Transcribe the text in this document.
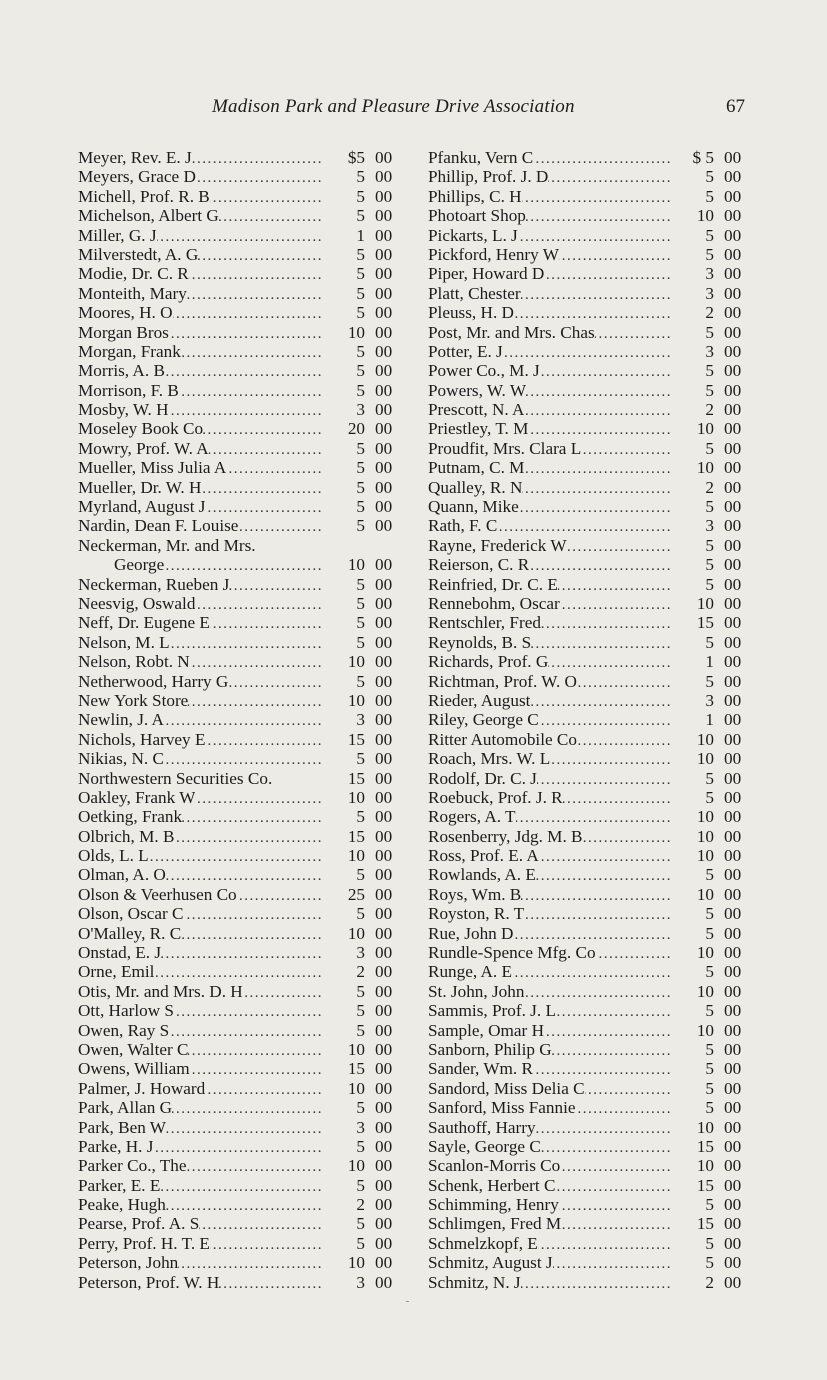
Madison Park and Pleasure Drive Association	67
Meyer, Rev. E. J .....	$5 00
Meyers, Grace D .....	5 00
Michell, Prof. R. B .....	5 00
Michelson, Albert G .....	5 00
Miller, G. J .....	1 00
Milverstedt, A. G .....	5 00
Modie, Dr. C. R .....	5 00
Monteith, Mary .....	5 00
Moores, H. O .....	5 00
Morgan Bros .....	10 00
Morgan, Frank .....	5 00
Morris, A. B .....	5 00
Morrison, F. B .....	5 00
Mosby, W. H .....	3 00
Moseley Book Co .....	20 00
Mowry, Prof. W. A .....	5 00
Mueller, Miss Julia A .....	5 00
Mueller, Dr. W. H .....	5 00
Myrland, August J .....	5 00
Nardin, Dean F. Louise .....	5 00
Neckerman, Mr. and Mrs.
George .....	10 00
Neckerman, Rueben J .....	5 00
Neesvig, Oswald .....	5 00
Neff, Dr. Eugene E .....	5 00
Nelson, M. L .....	5 00
Nelson, Robt. N .....	10 00
Netherwood, Harry G .....	5 00
New York Store .....	10 00
Newlin, J. A .....	3 00
Nichols, Harvey E .....	15 00
Nikias, N. C .....	5 00
Northwestern Securities Co.	15 00
Oakley, Frank W .....	10 00
Oetking, Frank .....	5 00
Olbrich, M. B .....	15 00
Olds, L. L .....	10 00
Olman, A. O .....	5 00
Olson & Veerhusen Co .....	25 00
Olson, Oscar C .....	5 00
O'Malley, R. C .....	10 00
Onstad, E. J .....	3 00
Orne, Emil .....	2 00
Otis, Mr. and Mrs. D. H .....	5 00
Ott, Harlow S .....	5 00
Owen, Ray S .....	5 00
Owen, Walter C .....	10 00
Owens, William .....	15 00
Palmer, J. Howard .....	10 00
Park, Allan G .....	5 00
Park, Ben W .....	3 00
Parke, H. J .....	5 00
Parker Co., The .....	10 00
Parker, E. E .....	5 00
Peake, Hugh .....	2 00
Pearse, Prof. A. S .....	5 00
Perry, Prof. H. T. E .....	5 00
Peterson, John .....	10 00
Peterson, Prof. W. H .....	3 00
Pfanku, Vern C .....	$ 5 00
Phillip, Prof. J. D .....	5 00
Phillips, C. H .....	5 00
Photoart Shop .....	10 00
Pickarts, L. J .....	5 00
Pickford, Henry W .....	5 00
Piper, Howard D .....	3 00
Platt, Chester .....	3 00
Pleuss, H. D .....	2 00
Post, Mr. and Mrs. Chas .....	5 00
Potter, E. J .....	3 00
Power Co., M. J .....	5 00
Powers, W. W .....	5 00
Prescott, N. A .....	2 00
Priestley, T. M .....	10 00
Proudfit, Mrs. Clara L .....	5 00
Putnam, C. M .....	10 00
Qualley, R. N .....	2 00
Quann, Mike .....	5 00
Rath, F. C .....	3 00
Rayne, Frederick W .....	5 00
Reierson, C. R .....	5 00
Reinfried, Dr. C. E .....	5 00
Rennebohm, Oscar .....	10 00
Rentschler, Fred .....	15 00
Reynolds, B. S .....	5 00
Richards, Prof. G .....	1 00
Richtman, Prof. W. O .....	5 00
Rieder, August .....	3 00
Riley, George C .....	1 00
Ritter Automobile Co .....	10 00
Roach, Mrs. W. L .....	10 00
Rodolf, Dr. C. J .....	5 00
Roebuck, Prof. J. R .....	5 00
Rogers, A. T .....	10 00
Rosenberry, Jdg. M. B .....	10 00
Ross, Prof. E. A .....	10 00
Rowlands, A. E .....	5 00
Roys, Wm. B .....	10 00
Royston, R. T .....	5 00
Rue, John D .....	5 00
Rundle-Spence Mfg. Co .....	10 00
Runge, A. E .....	5 00
St. John, John .....	10 00
Sammis, Prof. J. L .....	5 00
Sample, Omar H .....	10 00
Sanborn, Philip G .....	5 00
Sander, Wm. R .....	5 00
Sandord, Miss Delia C .....	5 00
Sanford, Miss Fannie .....	5 00
Sauthoff, Harry .....	10 00
Sayle, George C .....	15 00
Scanlon-Morris Co .....	10 00
Schenk, Herbert C .....	15 00
Schimming, Henry .....	5 00
Schlimgen, Fred M .....	15 00
Schmelzkopf, E .....	5 00
Schmitz, August J .....	5 00
Schmitz, N. J .....	2 00
